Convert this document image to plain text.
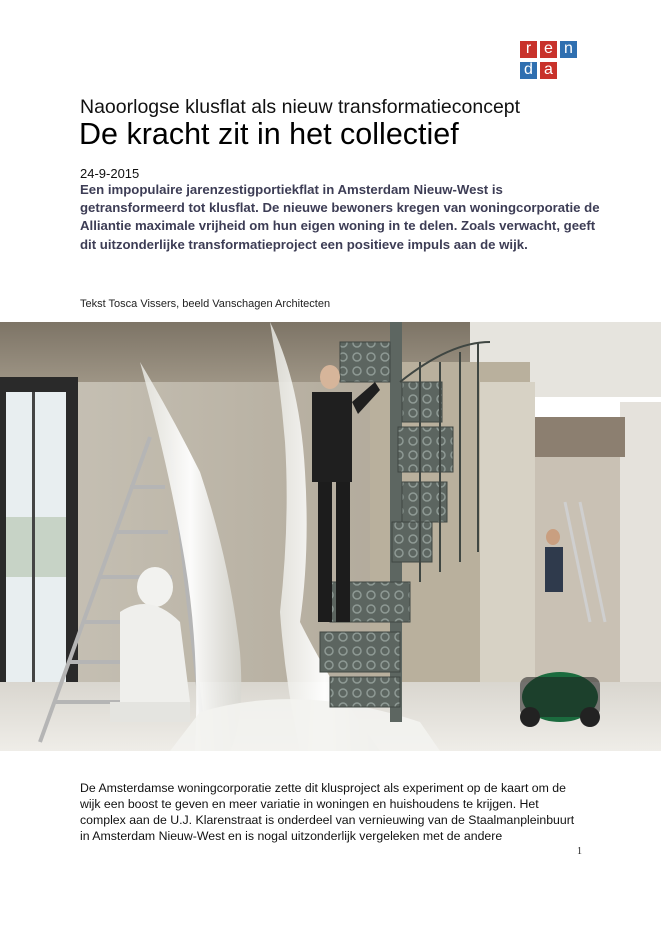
r e n
d a
Naoorlogse klusflat als nieuw transformatieconcept
De kracht zit in het collectief
24-9-2015
Een impopulaire jarenzestigportiekflat in Amsterdam Nieuw-West is getransformeerd tot klusflat. De nieuwe bewoners kregen van woningcorporatie de Alliantie maximale vrijheid om hun eigen woning in te delen. Zoals verwacht, geeft dit uitzonderlijke transformatieproject een positieve impuls aan de wijk.
Tekst Tosca Vissers, beeld Vanschagen Architecten
De Amsterdamse woningcorporatie zette dit klusproject als experiment op de kaart om de wijk een boost te geven en meer variatie in woningen en huishoudens te krijgen. Het complex aan de U.J. Klarenstraat is onderdeel van vernieuwing van de Staalmanpleinbuurt in Amsterdam Nieuw-West en is nogal uitzonderlijk vergeleken met de andere
1
